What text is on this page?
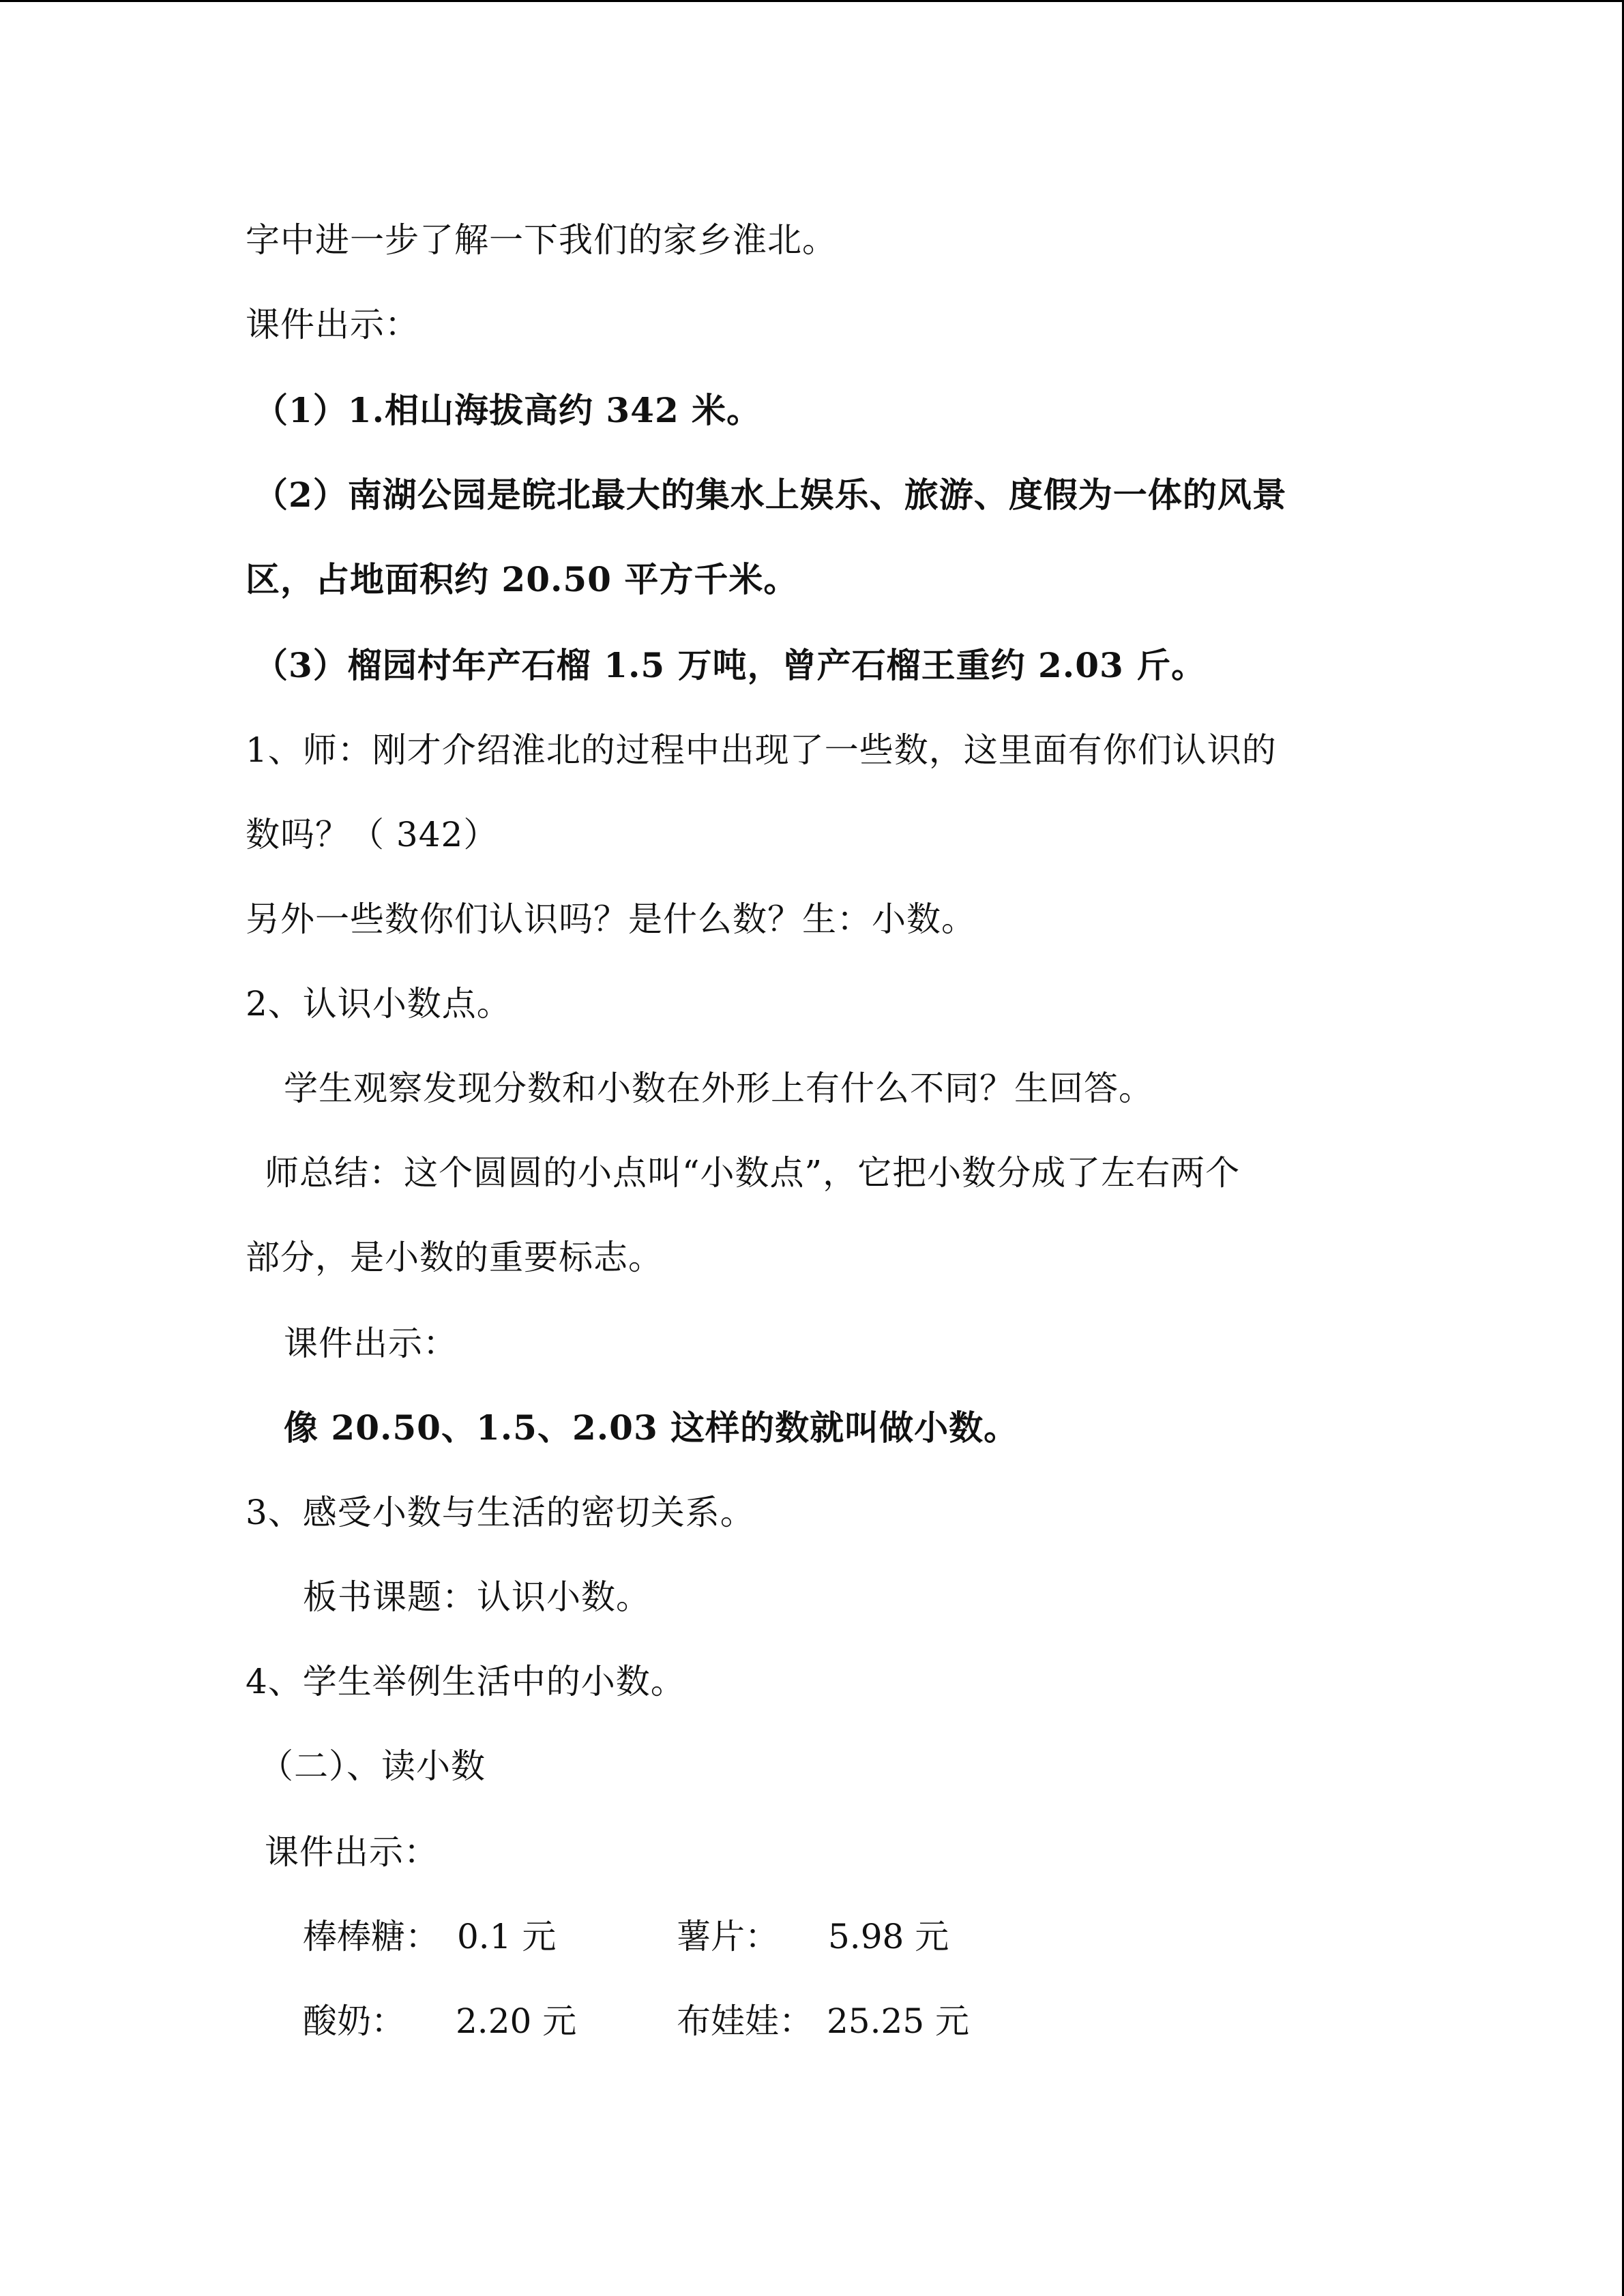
字中进一步了解一下我们的家乡淮北。
课件出示：
（1）1.相山海拔高约 342 米。
（2）南湖公园是皖北最大的集水上娱乐、旅游、度假为一体的风景
区，占地面积约 20.50 平方千米。
（3）榴园村年产石榴 1.5 万吨，曾产石榴王重约 2.03 斤。
1、师：刚才介绍淮北的过程中出现了一些数，这里面有你们认识的
数吗？（ 342）
另外一些数你们认识吗？是什么数？生：小数。
2、认识小数点。
学生观察发现分数和小数在外形上有什么不同？生回答。
师总结：这个圆圆的小点叫“小数点”，它把小数分成了左右两个
部分，是小数的重要标志。
课件出示：
像 20.50、1.5、2.03 这样的数就叫做小数。
3、感受小数与生活的密切关系。
板书课题：认识小数。
4、学生举例生活中的小数。
（二）、读小数
课件出示：

棒棒糖：

0.1 元

	薯片：

5.98 元

酸奶：

2.20 元

	布娃娃：

25.25 元
